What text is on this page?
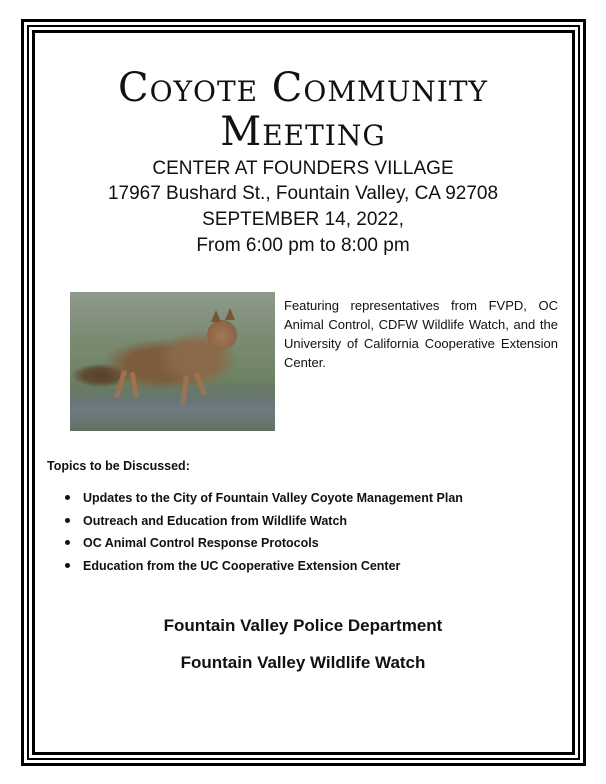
Coyote Community
Meeting
CENTER AT FOUNDERS VILLAGE
17967 Bushard St., Fountain Valley, CA 92708
SEPTEMBER 14, 2022,
From 6:00 pm to 8:00 pm
Featuring representatives from FVPD, OC Animal Control, CDFW Wildlife Watch, and the University of California Cooperative Extension Center.
Topics to be Discussed:
Updates to the City of Fountain Valley Coyote Management Plan
Outreach and Education from Wildlife Watch
OC Animal Control Response Protocols
Education from the UC Cooperative Extension Center
Fountain Valley Police Department
Fountain Valley Wildlife Watch
